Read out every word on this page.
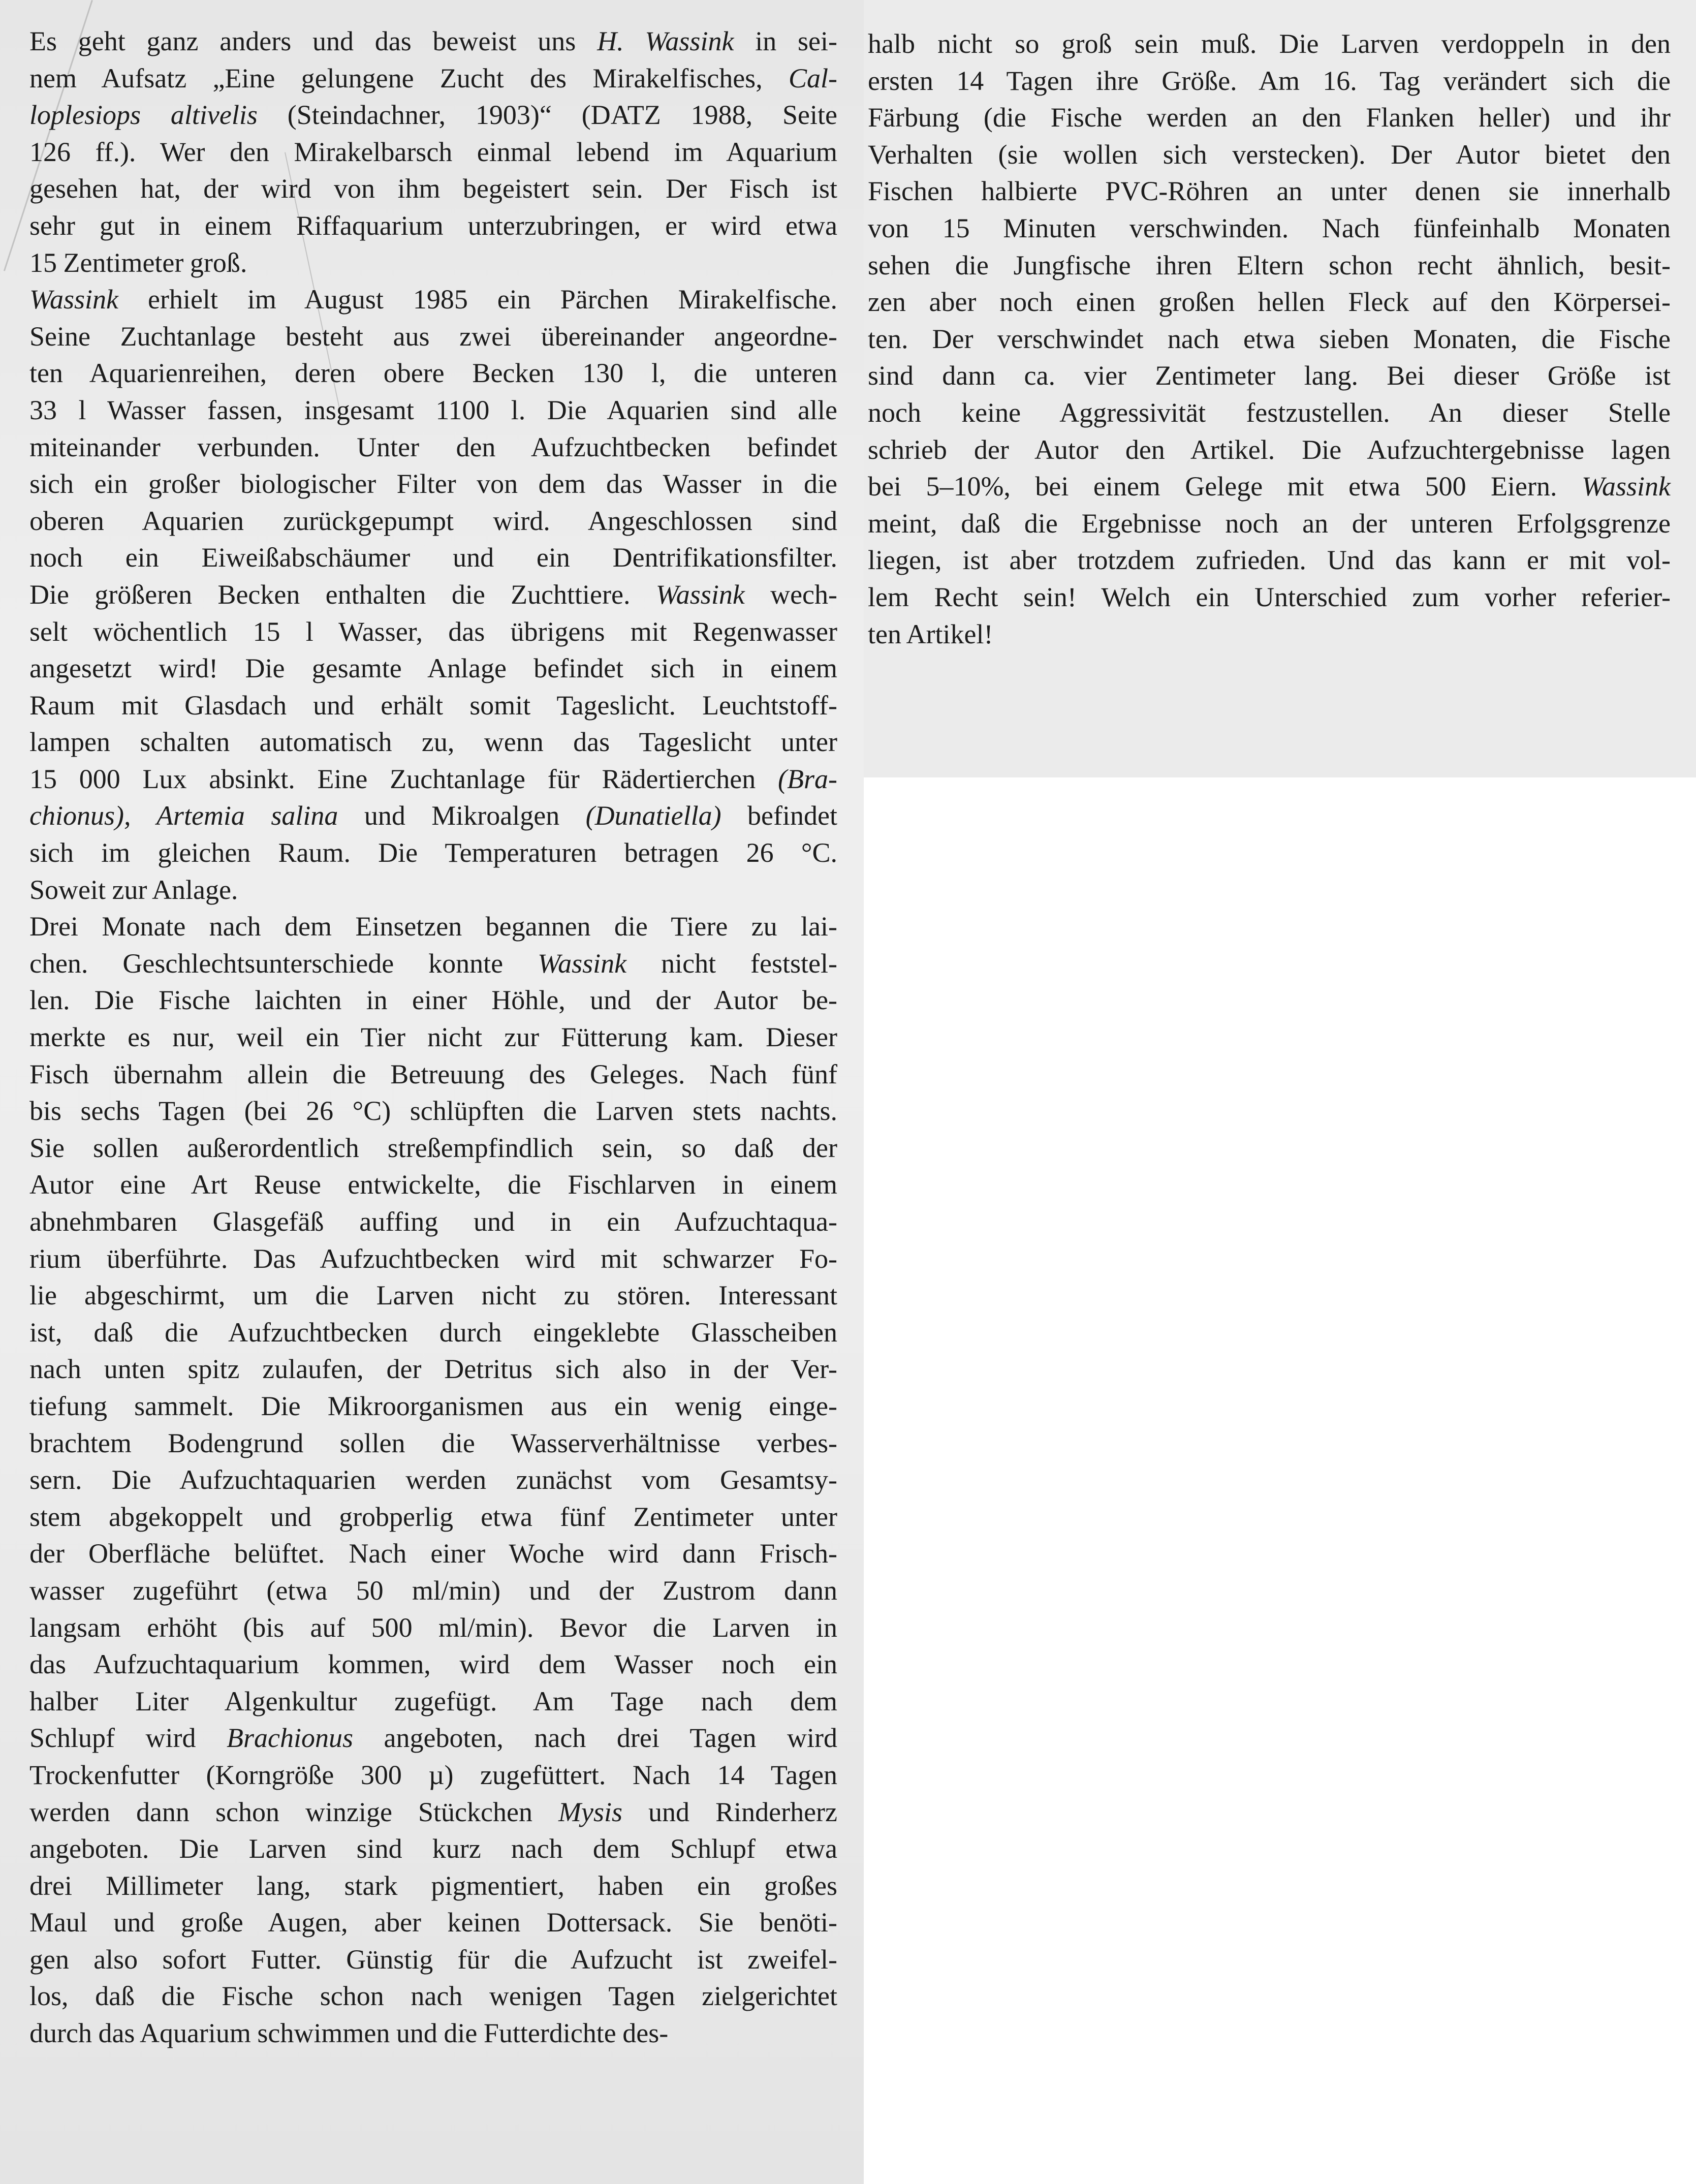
Es geht ganz anders und das beweist uns H. Wassink in sei-
nem Aufsatz „Eine gelungene Zucht des Mirakelfisches, Cal-
loplesiops altivelis (Steindachner, 1903)“ (DATZ 1988, Seite
126 ff.). Wer den Mirakelbarsch einmal lebend im Aquarium
gesehen hat, der wird von ihm begeistert sein. Der Fisch ist
sehr gut in einem Riffaquarium unterzubringen, er wird etwa
15 Zentimeter groß.
Wassink erhielt im August 1985 ein Pärchen Mirakelfische.
Seine Zuchtanlage besteht aus zwei übereinander angeordne-
ten Aquarienreihen, deren obere Becken 130 l, die unteren
33 l Wasser fassen, insgesamt 1100 l. Die Aquarien sind alle
miteinander verbunden. Unter den Aufzuchtbecken befindet
sich ein großer biologischer Filter von dem das Wasser in die
oberen Aquarien zurückgepumpt wird. Angeschlossen sind
noch ein Eiweißabschäumer und ein Dentrifikationsfilter.
Die größeren Becken enthalten die Zuchttiere. Wassink wech-
selt wöchentlich 15 l Wasser, das übrigens mit Regenwasser
angesetzt wird! Die gesamte Anlage befindet sich in einem
Raum mit Glasdach und erhält somit Tageslicht. Leuchtstoff-
lampen schalten automatisch zu, wenn das Tageslicht unter
15 000 Lux absinkt. Eine Zuchtanlage für Rädertierchen (Bra-
chionus), Artemia salina und Mikroalgen (Dunatiella) befindet
sich im gleichen Raum. Die Temperaturen betragen 26 °C.
Soweit zur Anlage.
Drei Monate nach dem Einsetzen begannen die Tiere zu lai-
chen. Geschlechtsunterschiede konnte Wassink nicht feststel-
len. Die Fische laichten in einer Höhle, und der Autor be-
merkte es nur, weil ein Tier nicht zur Fütterung kam. Dieser
Fisch übernahm allein die Betreuung des Geleges. Nach fünf
bis sechs Tagen (bei 26 °C) schlüpften die Larven stets nachts.
Sie sollen außerordentlich streßempfindlich sein, so daß der
Autor eine Art Reuse entwickelte, die Fischlarven in einem
abnehmbaren Glasgefäß auffing und in ein Aufzuchtaqua-
rium überführte. Das Aufzuchtbecken wird mit schwarzer Fo-
lie abgeschirmt, um die Larven nicht zu stören. Interessant
ist, daß die Aufzuchtbecken durch eingeklebte Glasscheiben
nach unten spitz zulaufen, der Detritus sich also in der Ver-
tiefung sammelt. Die Mikroorganismen aus ein wenig einge-
brachtem Bodengrund sollen die Wasserverhältnisse verbes-
sern. Die Aufzuchtaquarien werden zunächst vom Gesamtsy-
stem abgekoppelt und grobperlig etwa fünf Zentimeter unter
der Oberfläche belüftet. Nach einer Woche wird dann Frisch-
wasser zugeführt (etwa 50 ml/min) und der Zustrom dann
langsam erhöht (bis auf 500 ml/min). Bevor die Larven in
das Aufzuchtaquarium kommen, wird dem Wasser noch ein
halber Liter Algenkultur zugefügt. Am Tage nach dem
Schlupf wird Brachionus angeboten, nach drei Tagen wird
Trockenfutter (Korngröße 300 µ) zugefüttert. Nach 14 Tagen
werden dann schon winzige Stückchen Mysis und Rinderherz
angeboten. Die Larven sind kurz nach dem Schlupf etwa
drei Millimeter lang, stark pigmentiert, haben ein großes
Maul und große Augen, aber keinen Dottersack. Sie benöti-
gen also sofort Futter. Günstig für die Aufzucht ist zweifel-
los, daß die Fische schon nach wenigen Tagen zielgerichtet
durch das Aquarium schwimmen und die Futterdichte des-
halb nicht so groß sein muß. Die Larven verdoppeln in den
ersten 14 Tagen ihre Größe. Am 16. Tag verändert sich die
Färbung (die Fische werden an den Flanken heller) und ihr
Verhalten (sie wollen sich verstecken). Der Autor bietet den
Fischen halbierte PVC-Röhren an unter denen sie innerhalb
von 15 Minuten verschwinden. Nach fünfeinhalb Monaten
sehen die Jungfische ihren Eltern schon recht ähnlich, besit-
zen aber noch einen großen hellen Fleck auf den Körpersei-
ten. Der verschwindet nach etwa sieben Monaten, die Fische
sind dann ca. vier Zentimeter lang. Bei dieser Größe ist
noch keine Aggressivität festzustellen. An dieser Stelle
schrieb der Autor den Artikel. Die Aufzuchtergebnisse lagen
bei 5–10%, bei einem Gelege mit etwa 500 Eiern. Wassink
meint, daß die Ergebnisse noch an der unteren Erfolgsgrenze
liegen, ist aber trotzdem zufrieden. Und das kann er mit vol-
lem Recht sein! Welch ein Unterschied zum vorher referier-
ten Artikel!
